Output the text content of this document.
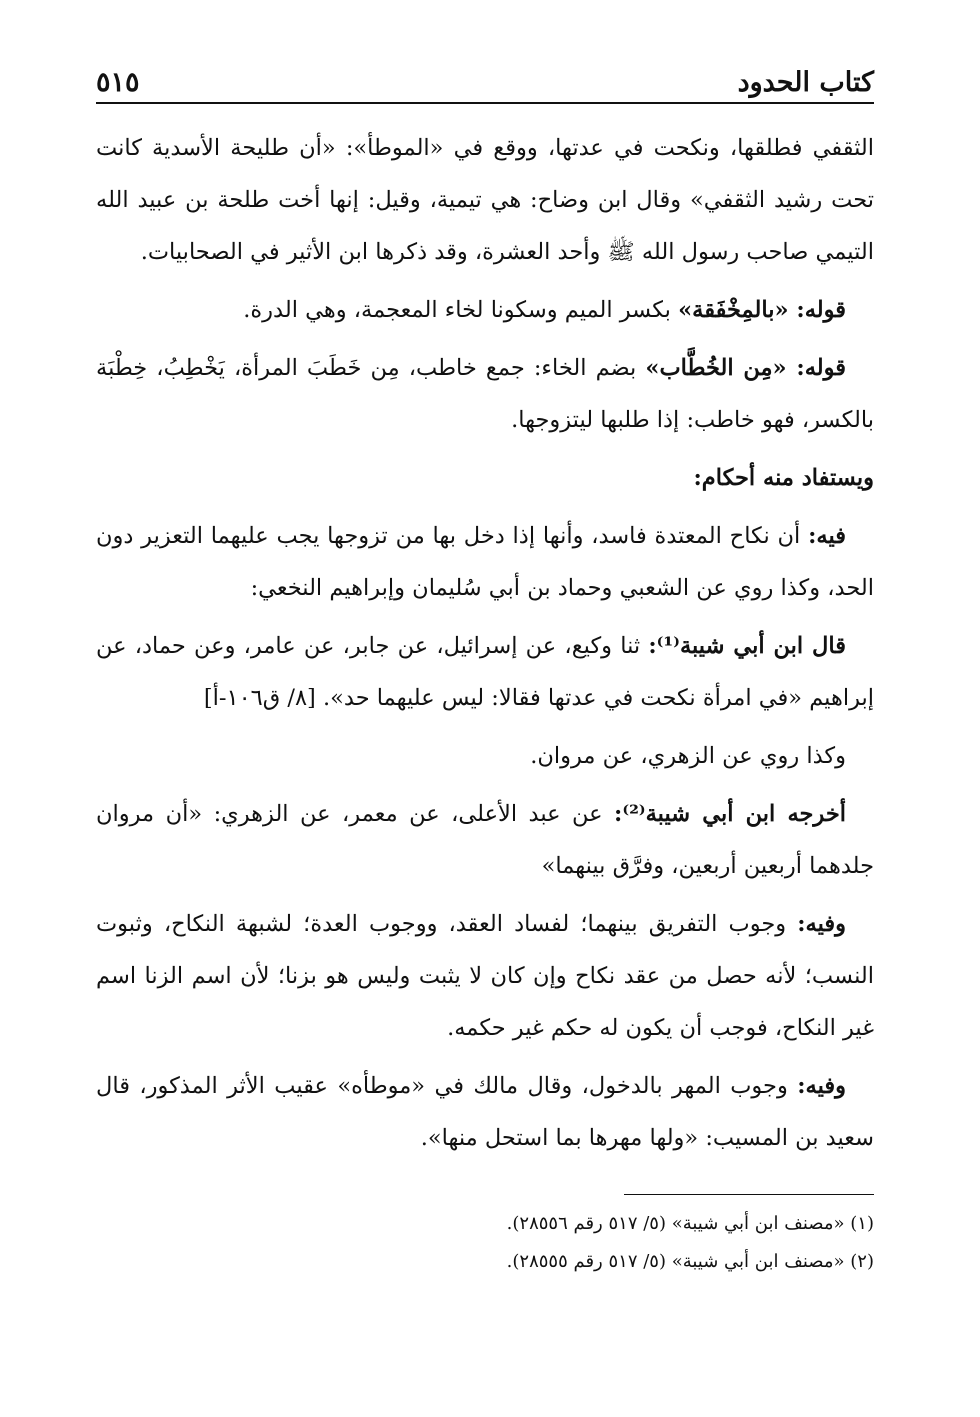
كتاب الحدود
٥١٥

الثقفي فطلقها، ونكحت في عدتها، ووقع في «الموطأ»: «أن طليحة الأسدية كانت تحت رشيد الثقفي» وقال ابن وضاح: هي تيمية، وقيل: إنها أخت طلحة بن عبيد الله التيمي صاحب رسول الله ﷺ وأحد العشرة، وقد ذكرها ابن الأثير في الصحابيات.

قوله: «بالمِخْفَقة» بكسر الميم وسكونا لخاء المعجمة، وهي الدرة.

قوله: «مِن الخُطَّاب» بضم الخاء: جمع خاطب، مِن خَطَبَ المرأة، يَخْطِبُ، خِطْبَة بالكسر، فهو خاطب: إذا طلبها ليتزوجها.

ويستفاد منه أحكام:

فيه: أن نكاح المعتدة فاسد، وأنها إذا دخل بها من تزوجها يجب عليهما التعزير دون الحد، وكذا روي عن الشعبي وحماد بن أبي سُليمان وإبراهيم النخعي:

قال ابن أبي شيبة⁽¹⁾: ثنا وكيع، عن إسرائيل، عن جابر، عن عامر، وعن حماد، عن إبراهيم «في امرأة نكحت في عدتها فقالا: ليس عليهما حد». [٨/ ق١٠٦-أ]

وكذا روي عن الزهري، عن مروان.

أخرجه ابن أبي شيبة⁽²⁾: عن عبد الأعلى، عن معمر، عن الزهري: «أن مروان جلدهما أربعين أربعين، وفرَّق بينهما»

وفيه: وجوب التفريق بينهما؛ لفساد العقد، ووجوب العدة؛ لشبهة النكاح، وثبوت النسب؛ لأنه حصل من عقد نكاح وإن كان لا يثبت وليس هو بزنا؛ لأن اسم الزنا اسم غير النكاح، فوجب أن يكون له حكم غير حكمه.

وفيه: وجوب المهر بالدخول، وقال مالك في «موطأه» عقيب الأثر المذكور، قال سعيد بن المسيب: «ولها مهرها بما استحل منها».

(١) «مصنف ابن أبي شيبة» (٥/ ٥١٧ رقم ٢٨٥٥٦).

(٢) «مصنف ابن أبي شيبة» (٥/ ٥١٧ رقم ٢٨٥٥٥).
